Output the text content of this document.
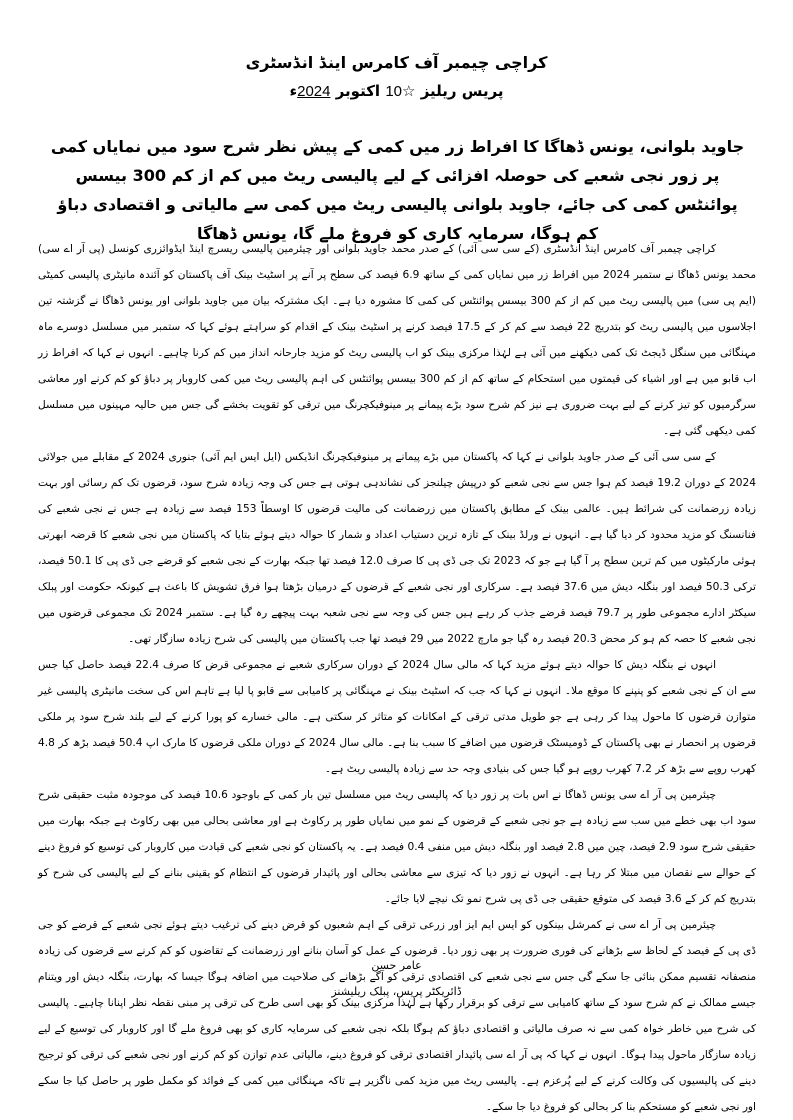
کراچی چیمبر آف کامرس اینڈ انڈسٹری
پریس ریلیز ☆10 اکتوبر 2024ء
جاوید بلوانی، یونس ڈھاگا کا افراط زر میں کمی کے پیش نظر شرح سود میں نمایاں کمی پر زور نجی شعبے کی حوصلہ افزائی کے لیے پالیسی ریٹ میں کم از کم 300 بیسس پوائنٹس کمی کی جائے، جاوید بلوانی پالیسی ریٹ میں کمی سے مالیاتی و اقتصادی دباؤ کم ہوگا، سرمایہ کاری کو فروغ ملے گا، یونس ڈھاگا

کراچی چیمبر آف کامرس اینڈ انڈسٹری (کے سی سی آئی) کے صدر محمد جاوید بلوانی اور چیئرمین پالیسی ریسرچ اینڈ ایڈوائزری کونسل (پی آر اے سی) محمد یونس ڈھاگا نے ستمبر 2024 میں افراط زر میں نمایاں کمی کے ساتھ 6.9 فیصد کی سطح پر آنے پر اسٹیٹ بینک آف پاکستان کو آئندہ مانیٹری پالیسی کمیٹی (ایم پی سی) میں پالیسی ریٹ میں کم از کم 300 بیسس پوائنٹس کی کمی کا مشورہ دیا ہے۔ ایک مشترکہ بیان میں جاوید بلوانی اور یونس ڈھاگا نے گزشتہ تین اجلاسوں میں پالیسی ریٹ کو بتدریج 22 فیصد سے کم کر کے 17.5 فیصد کرنے پر اسٹیٹ بینک کے اقدام کو سراہتے ہوئے کہا کہ ستمبر میں مسلسل دوسرے ماہ مہنگائی میں سنگل ڈیجٹ تک کمی دیکھنے میں آئی ہے لہٰذا مرکزی بینک کو اب پالیسی ریٹ کو مزید جارحانہ انداز میں کم کرنا چاہیے۔ انہوں نے کہا کہ افراط زر اب قابو میں ہے اور اشیاء کی قیمتوں میں استحکام کے ساتھ کم از کم 300 بیسس پوائنٹس کی اہم پالیسی ریٹ میں کمی کاروبار پر دباؤ کو کم کرنے اور معاشی سرگرمیوں کو تیز کرنے کے لیے بہت ضروری ہے نیز کم شرح سود بڑے پیمانے پر مینوفیکچرنگ میں ترقی کو تقویت بخشے گی جس میں حالیہ مہینوں میں مسلسل کمی دیکھی گئی ہے۔

کے سی سی آئی کے صدر جاوید بلوانی نے کہا کہ پاکستان میں بڑے پیمانے پر مینوفیکچرنگ انڈیکس (ایل ایس ایم آئی) جنوری 2024 کے مقابلے میں جولائی 2024 کے دوران 19.2 فیصد کم ہوا جس سے نجی شعبے کو درپیش چیلنجز کی نشاندہی ہوتی ہے جس کی وجہ زیادہ شرح سود، قرضوں تک کم رسائی اور بہت زیادہ زرضمانت کی شرائط ہیں۔ عالمی بینک کے مطابق پاکستان میں زرضمانت کی مالیت قرضوں کا اوسطاً 153 فیصد سے زیادہ ہے جس نے نجی شعبے کی فنانسنگ کو مزید محدود کر دیا گیا ہے۔ انہوں نے ورلڈ بینک کے تازہ ترین دستیاب اعداد و شمار کا حوالہ دیتے ہوئے بتایا کہ پاکستان میں نجی شعبے کا قرضہ ابھرتی ہوئی مارکیٹوں میں کم ترین سطح پر آ گیا ہے جو کہ 2023 تک جی ڈی پی کا صرف 12.0 فیصد تھا جبکہ بھارت کے نجی شعبے کو قرضے جی ڈی پی کا 50.1 فیصد، ترکی 50.3 فیصد اور بنگلہ دیش میں 37.6 فیصد ہے۔ سرکاری اور نجی شعبے کے قرضوں کے درمیان بڑھتا ہوا فرق تشویش کا باعث ہے کیونکہ حکومت اور پبلک سیکٹر ادارے مجموعی طور پر 79.7 فیصد قرضے جذب کر رہے ہیں جس کی وجہ سے نجی شعبہ بہت پیچھے رہ گیا ہے۔ ستمبر 2024 تک مجموعی قرضوں میں نجی شعبے کا حصہ کم ہو کر محض 20.3 فیصد رہ گیا جو مارچ 2022 میں 29 فیصد تھا جب پاکستان میں پالیسی کی شرح زیادہ سازگار تھی۔

انہوں نے بنگلہ دیش کا حوالہ دیتے ہوئے مزید کہا کہ مالی سال 2024 کے دوران سرکاری شعبے نے مجموعی قرض کا صرف 22.4 فیصد حاصل کیا جس سے ان کے نجی شعبے کو پنپنے کا موقع ملا۔ انہوں نے کہا کہ جب کہ اسٹیٹ بینک نے مہنگائی پر کامیابی سے قابو پا لیا ہے تاہم اس کی سخت مانیٹری پالیسی غیر متوازن قرضوں کا ماحول پیدا کر رہی ہے جو طویل مدتی ترقی کے امکانات کو متاثر کر سکتی ہے۔ مالی خسارے کو پورا کرنے کے لیے بلند شرح سود پر ملکی قرضوں پر انحصار نے بھی پاکستان کے ڈومیسٹک قرضوں میں اضافے کا سبب بنا ہے۔ مالی سال 2024 کے دوران ملکی قرضوں کا مارک اپ 50.4 فیصد بڑھ کر 4.8 کھرب روپے سے بڑھ کر 7.2 کھرب روپے ہو گیا جس کی بنیادی وجہ حد سے زیادہ پالیسی ریٹ ہے۔

چیئرمین پی آر اے سی یونس ڈھاگا نے اس بات پر زور دیا کہ پالیسی ریٹ میں مسلسل تین بار کمی کے باوجود 10.6 فیصد کی موجودہ مثبت حقیقی شرح سود اب بھی خطے میں سب سے زیادہ ہے جو نجی شعبے کے قرضوں کے نمو میں نمایاں طور پر رکاوٹ ہے اور معاشی بحالی میں بھی رکاوٹ ہے جبکہ بھارت میں حقیقی شرح سود 2.9 فیصد، چین میں 2.8 فیصد اور بنگلہ دیش میں منفی 0.4 فیصد ہے۔ یہ پاکستان کو نجی شعبے کی قیادت میں کاروبار کی توسیع کو فروغ دینے کے حوالے سے نقصان میں مبتلا کر رہا ہے۔ انہوں نے زور دیا کہ تیزی سے معاشی بحالی اور پائیدار قرضوں کے انتظام کو یقینی بنانے کے لیے پالیسی کی شرح کو بتدریج کم کر کے 3.6 فیصد کی متوقع حقیقی جی ڈی پی شرح نمو تک نیچے لایا جائے۔

چیئرمین پی آر اے سی نے کمرشل بینکوں کو ایس ایم ایز اور زرعی ترقی کے اہم شعبوں کو قرض دینے کی ترغیب دیتے ہوئے نجی شعبے کے قرضے کو جی ڈی پی کے فیصد کے لحاظ سے بڑھانے کی فوری ضرورت پر بھی زور دیا۔ قرضوں کے عمل کو آسان بنانے اور زرضمانت کے تقاضوں کو کم کرنے سے قرضوں کی زیادہ منصفانہ تقسیم ممکن بنائی جا سکے گی جس سے نجی شعبے کی اقتصادی ترقی کو آگے بڑھانے کی صلاحیت میں اضافہ ہوگا جیسا کہ بھارت، بنگلہ دیش اور ویتنام جیسے ممالک نے کم شرح سود کے ساتھ کامیابی سے ترقی کو برقرار رکھا ہے لہٰذا مرکزی بینک کو بھی اسی طرح کی ترقی پر مبنی نقطہ نظر اپنانا چاہیے۔ پالیسی کی شرح میں خاطر خواہ کمی سے نہ صرف مالیاتی و اقتصادی دباؤ کم ہوگا بلکہ نجی شعبے کی سرمایہ کاری کو بھی فروغ ملے گا اور کاروبار کی توسیع کے لیے زیادہ سازگار ماحول پیدا ہوگا۔ انہوں نے کہا کہ پی آر اے سی پائیدار اقتصادی ترقی کو فروغ دینے، مالیاتی عدم توازن کو کم کرنے اور نجی شعبے کی ترقی کو ترجیح دینے کی پالیسیوں کی وکالت کرنے کے لیے پُرعزم ہے۔ پالیسی ریٹ میں مزید کمی ناگزیر ہے تاکہ مہنگائی میں کمی کے فوائد کو مکمل طور پر حاصل کیا جا سکے اور نجی شعبے کو مستحکم بنا کر بحالی کو فروغ دیا جا سکے۔

عامر حسن
ڈائریکٹر پریس، پبلک ریلیشنز
